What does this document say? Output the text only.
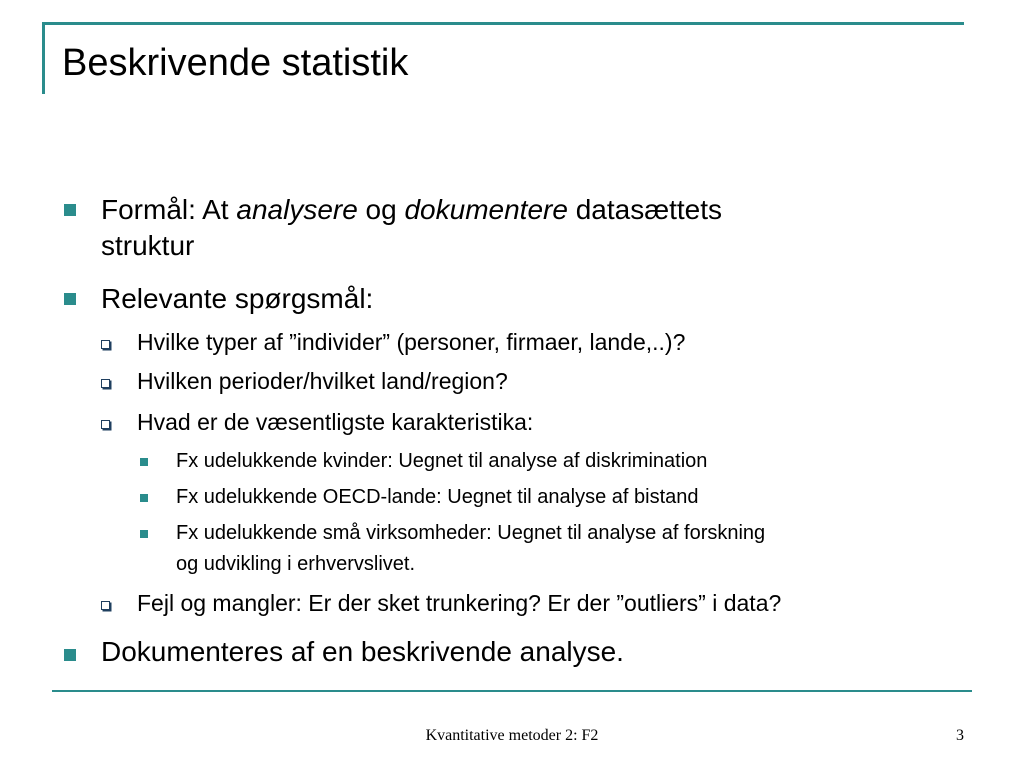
Beskrivende statistik
Formål: At analysere og dokumentere datasættets
struktur
Relevante spørgsmål:
Hvilke typer af ”individer” (personer, firmaer, lande,..)?
Hvilken perioder/hvilket land/region?
Hvad er de væsentligste karakteristika:
Fx udelukkende kvinder: Uegnet til analyse af diskrimination
Fx udelukkende OECD-lande: Uegnet til analyse af bistand
Fx udelukkende små virksomheder: Uegnet til analyse af forskning
og udvikling i erhvervslivet.
Fejl og mangler: Er der sket trunkering? Er der ”outliers” i data?
Dokumenteres af en beskrivende analyse.
Kvantitative metoder 2: F2	3
